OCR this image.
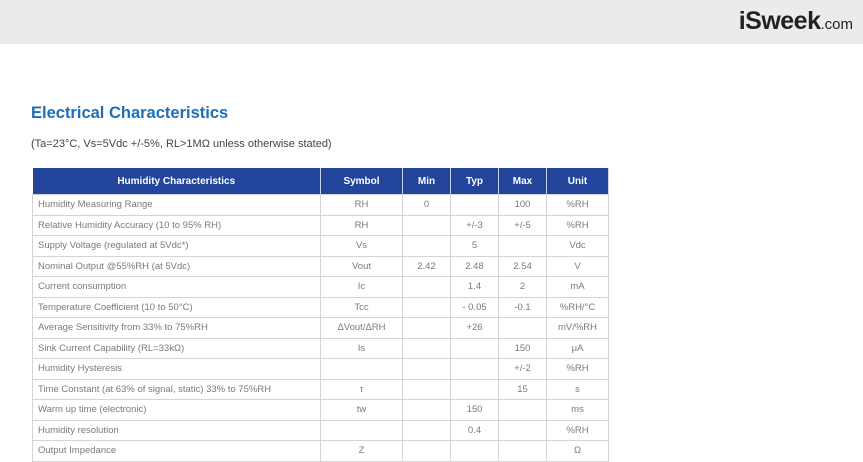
iSweek.com
Electrical Characteristics
(Ta=23°C, Vs=5Vdc +/-5%, RL>1MΩ unless otherwise stated)
Humidity Characteristics	Symbol	Min	Typ	Max	Unit
Humidity Measuring Range	RH	0		100	%RH
Relative Humidity Accuracy (10 to 95% RH)	RH		+/-3	+/-5	%RH
Supply Voltage (regulated at 5Vdc*)	Vs		5		Vdc
Nominal Output @55%RH (at 5Vdc)	Vout	2.42	2.48	2.54	V
Current consumption	Ic		1.4	2	mA
Temperature Coefficient (10 to 50°C)	Tcc		- 0.05	-0.1	%RH/°C
Average Sensitivity from 33% to 75%RH	ΔVout/ΔRH		+26		mV/%RH
Sink Current Capability (RL=33kΩ)	Is			150	μA
Humidity Hysteresis				+/-2	%RH
Time Constant (at 63% of signal, static) 33% to 75%RH	τ			15	s
Warm up time (electronic)	tw		150		ms
Humidity resolution			0.4		%RH
Output Impedance	Z				Ω
